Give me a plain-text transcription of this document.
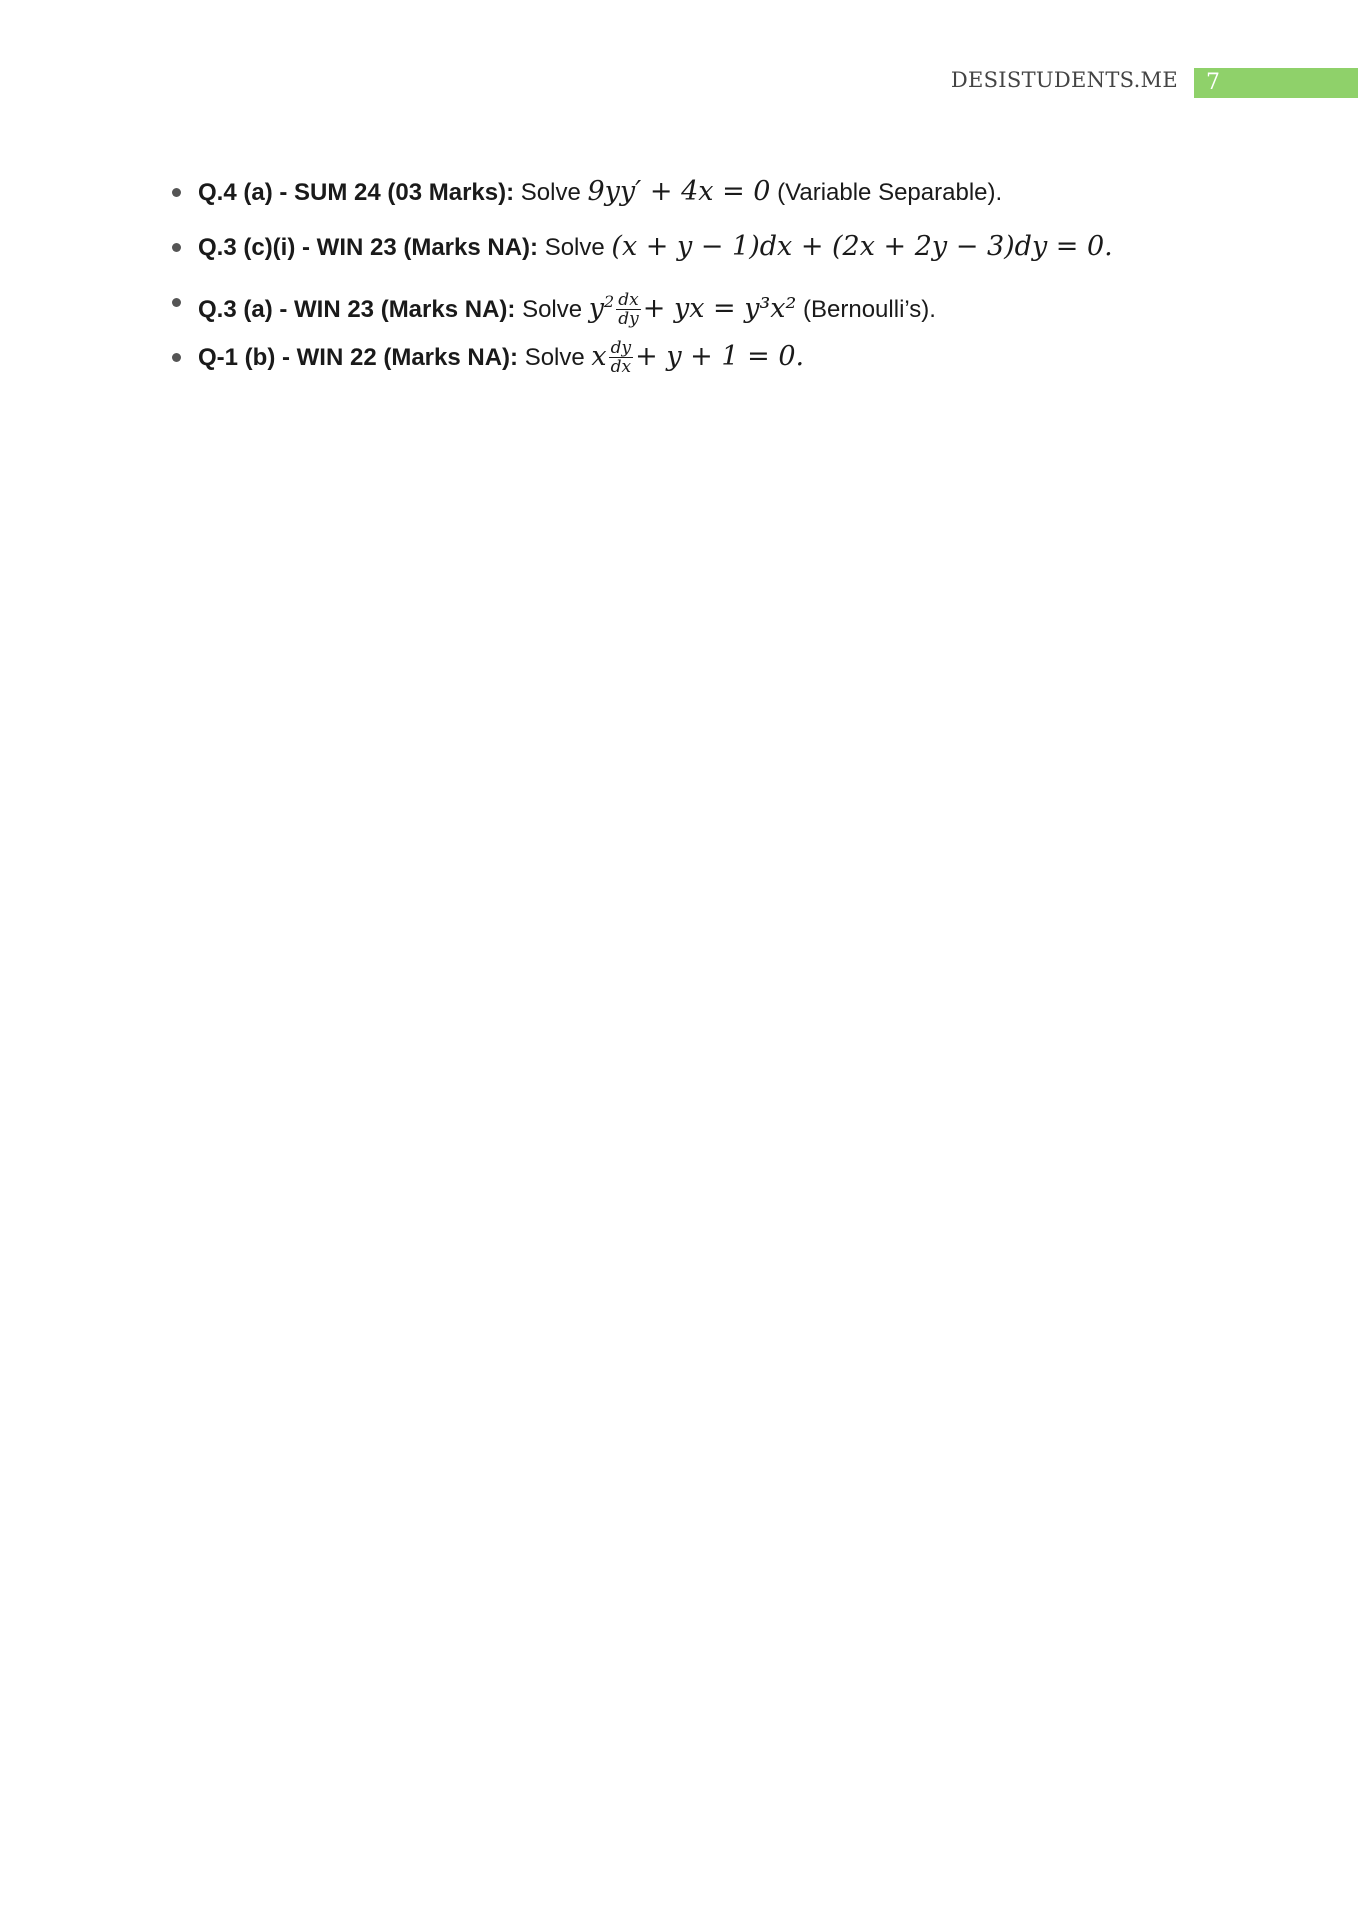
DESISTUDENTS.ME	7
Q.4 (a) - SUM 24 (03 Marks): Solve 9yy′ + 4x = 0 (Variable Separable).
Q.3 (c)(i) - WIN 23 (Marks NA): Solve (x + y − 1)dx + (2x + 2y − 3)dy = 0.
Q.3 (a) - WIN 23 (Marks NA): Solve $y^2 \frac{dx}{dy}$ + yx = y³x² (Bernoulli’s).
Q-1 (b) - WIN 22 (Marks NA): Solve x $\frac{dy}{dx} + y + 1 = 0$.
